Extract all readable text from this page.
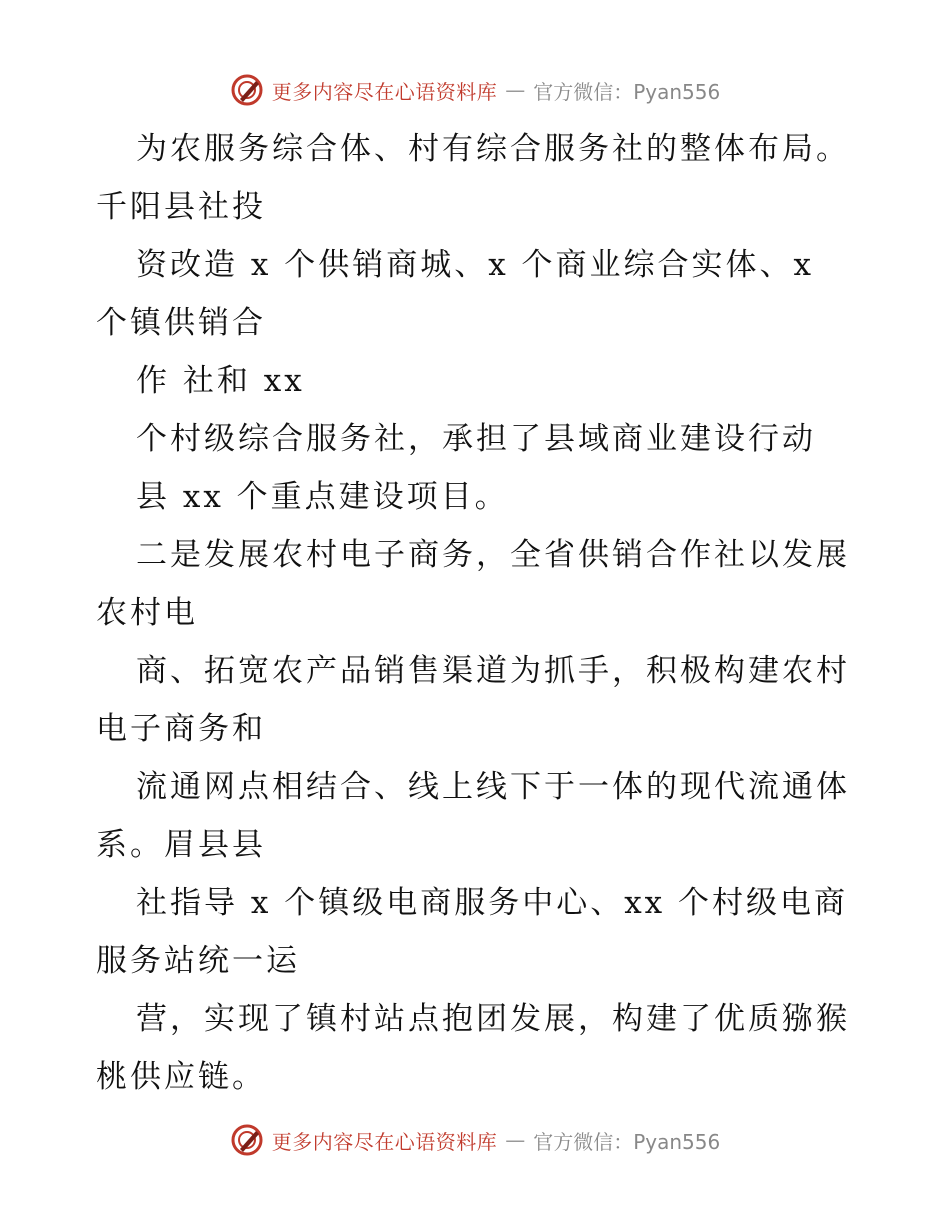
更多内容尽在心语资料库 — 官方微信：Pyan556
为农服务综合体、村有综合服务社的整体布局。
千阳县社投
资改造 x 个供销商城、x 个商业综合实体、x
个镇供销合
作 社和 xx
个村级综合服务社，承担了县域商业建设行动
县 xx 个重点建设项目。
二是发展农村电子商务，全省供销合作社以发展
农村电
商、拓宽农产品销售渠道为抓手，积极构建农村
电子商务和
流通网点相结合、线上线下于一体的现代流通体
系。眉县县
社指导 x 个镇级电商服务中心、xx 个村级电商
服务站统一运
营，实现了镇村站点抱团发展，构建了优质猕猴
桃供应链。
更多内容尽在心语资料库 — 官方微信：Pyan556
